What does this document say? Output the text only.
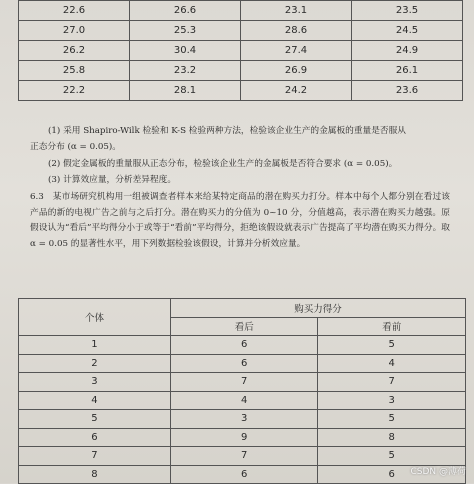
22.6	26.6	23.1	23.5
27.0	25.3	28.6	24.5
26.2	30.4	27.4	24.9
25.8	23.2	26.9	26.1
22.2	28.1	24.2	23.6

(1) 采用 Shapiro-Wilk 检验和 K-S 检验两种方法，检验该企业生产的金属板的重量是否服从

正态分布 (α = 0.05)。

(2) 假定金属板的重量服从正态分布，检验该企业生产的金属板是否符合要求 (α = 0.05)。

(3) 计算效应量，分析差异程度。

6.3　某市场研究机构用一组被调查者样本来给某特定商品的潜在购买力打分。样本中每个人都分别在看过该产品的新的电视广告之前与之后打分。潜在购买力的分值为 0~10 分，分值越高，表示潜在购买力越强。原假设认为“看后”平均得分小于或等于“看前”平均得分，拒绝该假设就表示广告提高了平均潜在购买力得分。取 α = 0.05 的显著性水平，用下列数据检验该假设，计算并分析效应量。

个体	购买力得分	
	看后	看前
1	6	5
2	6	4
3	7	7
4	4	3
5	3	5
6	9	8
7	7	5
8	6	6 CSDN @薄荷
